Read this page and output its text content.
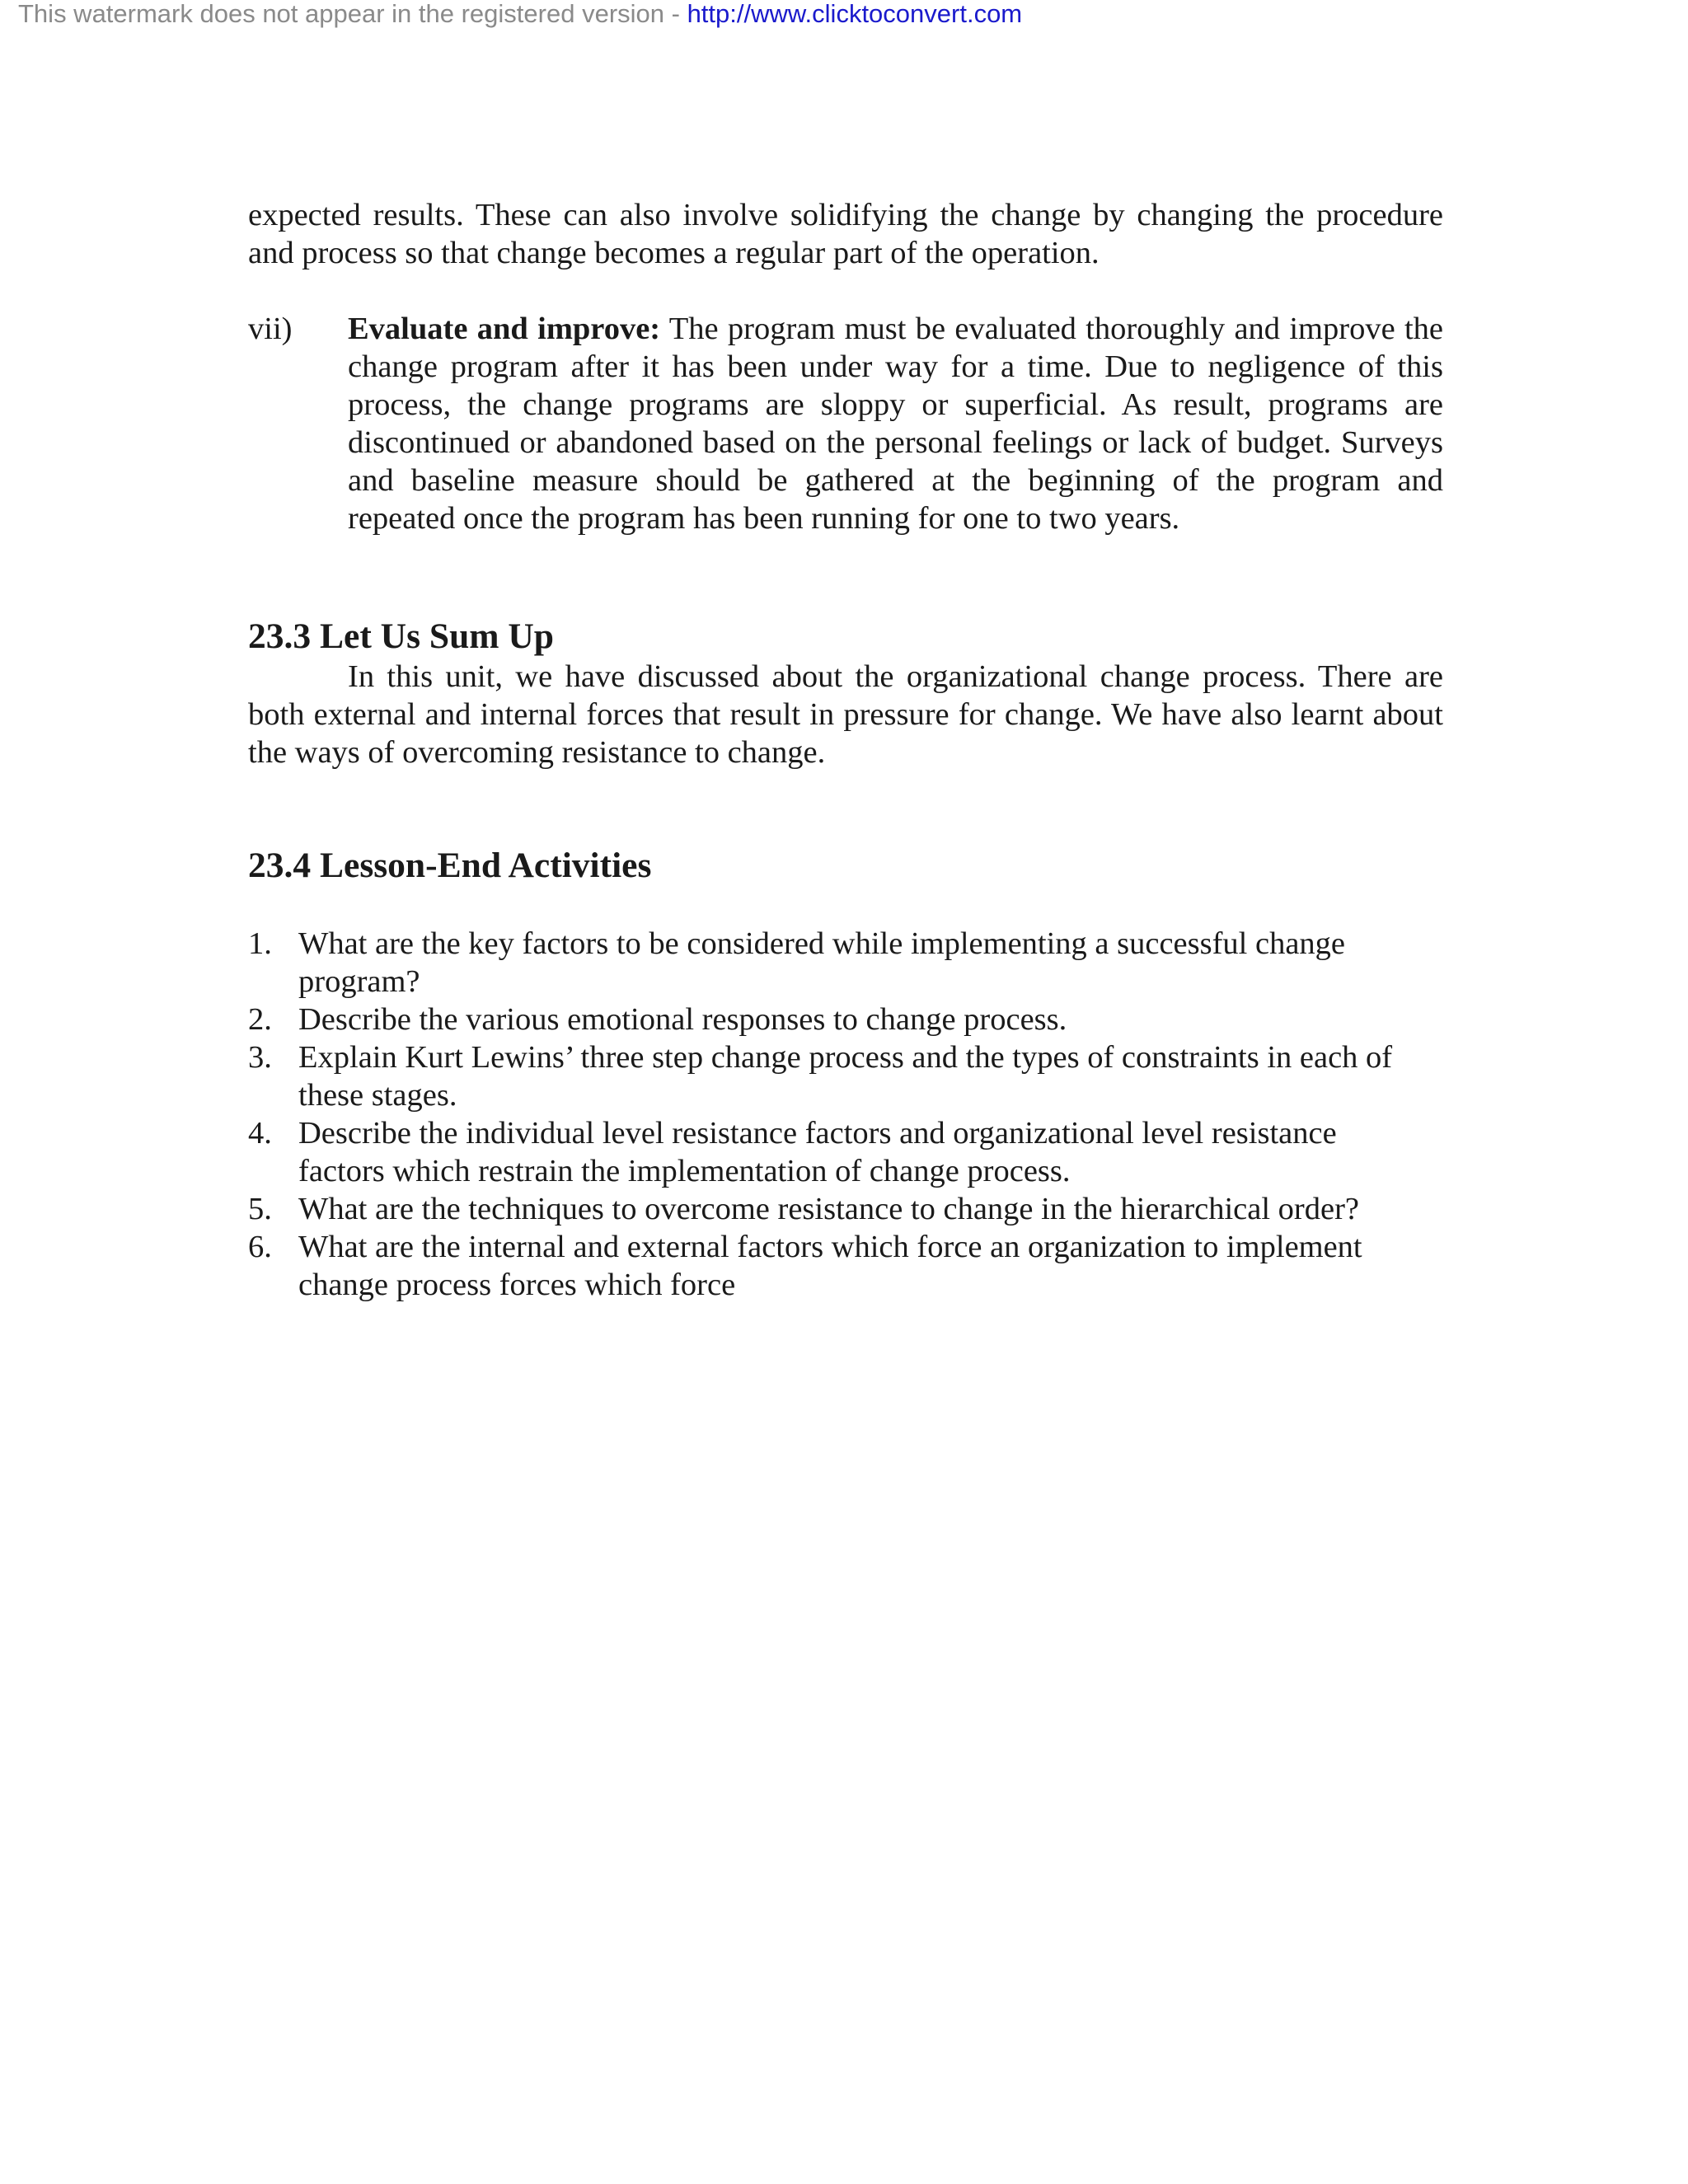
This watermark does not appear in the registered version - http://www.clicktoconvert.com

expected results. These can also involve solidifying the change by changing the procedure and process so that change becomes a regular part of the operation.

vii)	Evaluate and improve: The program must be evaluated thoroughly and improve the change program after it has been under way for a time. Due to negligence of this process, the change programs are sloppy or superficial. As result, programs are discontinued or abandoned based on the personal feelings or lack of budget. Surveys and baseline measure should be gathered at the beginning of the program and repeated once the program has been running for one to two years.
23.3 Let Us Sum Up

In this unit, we have discussed about the organizational change process. There are both external and internal forces that result in pressure for change. We have also learnt about the ways of overcoming resistance to change.

23.4 Lesson-End Activities
1. What are the key factors to be considered while implementing a successful change program?
2. Describe the various emotional responses to change process.
3. Explain Kurt Lewins’ three step change process and the types of constraints in each of these stages.
4. Describe the individual level resistance factors and organizational level resistance factors which restrain the implementation of change process.
5. What are the techniques to overcome resistance to change in the hierarchical order?
6. What are the internal and external factors which force an organization to implement change process forces which force
